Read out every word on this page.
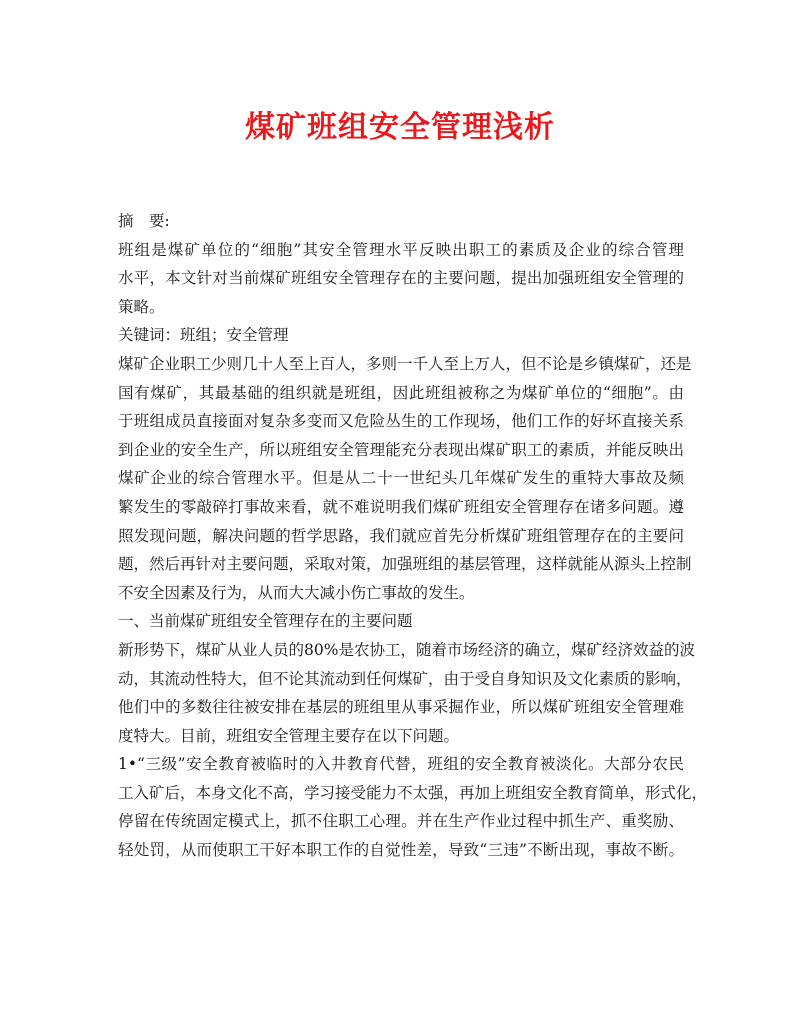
煤矿班组安全管理浅析
摘　要:
班组是煤矿单位的“细胞”其安全管理水平反映出职工的素质及企业的综合管理
水平，本文针对当前煤矿班组安全管理存在的主要问题，提出加强班组安全管理的
策略。
关键词：班组；安全管理
煤矿企业职工少则几十人至上百人，多则一千人至上万人，但不论是乡镇煤矿，还是
国有煤矿，其最基础的组织就是班组，因此班组被称之为煤矿单位的“细胞”。由
于班组成员直接面对复杂多变而又危险丛生的工作现场，他们工作的好坏直接关系
到企业的安全生产，所以班组安全管理能充分表现出煤矿职工的素质，并能反映出
煤矿企业的综合管理水平。但是从二十一世纪头几年煤矿发生的重特大事故及频
繁发生的零敲碎打事故来看，就不难说明我们煤矿班组安全管理存在诸多问题。遵
照发现问题，解决问题的哲学思路，我们就应首先分析煤矿班组管理存在的主要问
题，然后再针对主要问题，采取对策，加强班组的基层管理，这样就能从源头上控制
不安全因素及行为，从而大大减小伤亡事故的发生。
一、当前煤矿班组安全管理存在的主要问题
新形势下，煤矿从业人员的80%是农协工，随着市场经济的确立，煤矿经济效益的波
动，其流动性特大，但不论其流动到任何煤矿，由于受自身知识及文化素质的影响，
他们中的多数往往被安排在基层的班组里从事采掘作业，所以煤矿班组安全管理难
度特大。目前，班组安全管理主要存在以下问题。
1•“三级”安全教育被临时的入井教育代替，班组的安全教育被淡化。大部分农民
工入矿后，本身文化不高，学习接受能力不太强，再加上班组安全教育简单，形式化，
停留在传统固定模式上，抓不住职工心理。并在生产作业过程中抓生产、重奖励、
轻处罚，从而使职工干好本职工作的自觉性差，导致“三违”不断出现，事故不断。
